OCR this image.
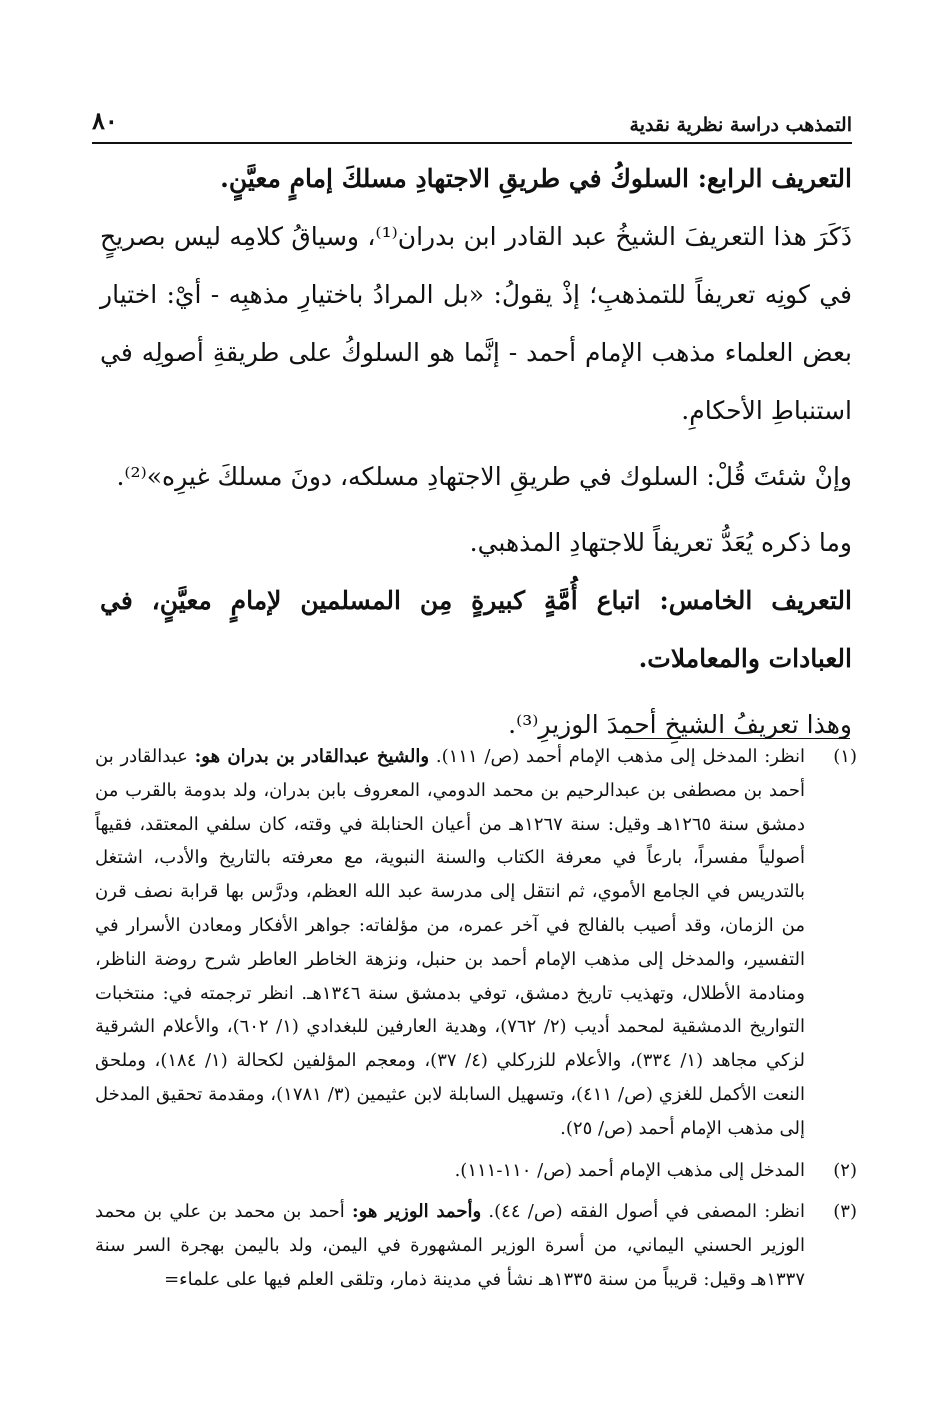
التمذهب دراسة نظرية نقدية
٨٠

التعريف الرابع: السلوكُ في طريقِ الاجتهادِ مسلكَ إمامٍ معيَّنٍ.

ذَكَرَ هذا التعريفَ الشيخُ عبد القادر ابن بدران⁽¹⁾، وسياقُ كلامِه ليس بصريحٍ في كونِه تعريفاً للتمذهبِ؛ إذْ يقولُ: «بل المرادُ باختيارِ مذهبِه - أيْ: اختيار بعض العلماء مذهب الإمام أحمد - إنَّما هو السلوكُ على طريقةِ أصولِه في استنباطِ الأحكامِ.

وإنْ شئتَ قُلْ: السلوك في طريقِ الاجتهادِ مسلكه، دونَ مسلكَ غيرِه»⁽²⁾.

وما ذكره يُعَدُّ تعريفاً للاجتهادِ المذهبي.

التعريف الخامس: اتباع أُمَّةٍ كبيرةٍ مِن المسلمين لإمامٍ معيَّنٍ، في العبادات والمعاملات.

وهذا تعريفُ الشيخِ أحمدَ الوزيرِ⁽³⁾.

(١)
انظر: المدخل إلى مذهب الإمام أحمد (ص/ ١١١). والشيخ عبدالقادر بن بدران هو: عبدالقادر بن أحمد بن مصطفى بن عبدالرحيم بن محمد الدومي، المعروف بابن بدران، ولد بدومة بالقرب من دمشق سنة ١٢٦٥هـ وقيل: سنة ١٢٦٧هـ من أعيان الحنابلة في وقته، كان سلفي المعتقد، فقيهاً أصولياً مفسراً، بارعاً في معرفة الكتاب والسنة النبوية، مع معرفته بالتاريخ والأدب، اشتغل بالتدريس في الجامع الأموي، ثم انتقل إلى مدرسة عبد الله العظم، ودرَّس بها قرابة نصف قرن من الزمان، وقد أصيب بالفالج في آخر عمره، من مؤلفاته: جواهر الأفكار ومعادن الأسرار في التفسير، والمدخل إلى مذهب الإمام أحمد بن حنبل، ونزهة الخاطر العاطر شرح روضة الناظر، ومنادمة الأطلال، وتهذيب تاريخ دمشق، توفي بدمشق سنة ١٣٤٦هـ. انظر ترجمته في: منتخبات التواريخ الدمشقية لمحمد أديب (٢/ ٧٦٢)، وهدية العارفين للبغدادي (١/ ٦٠٢)، والأعلام الشرقية لزكي مجاهد (١/ ٣٣٤)، والأعلام للزركلي (٤/ ٣٧)، ومعجم المؤلفين لكحالة (١/ ١٨٤)، وملحق النعت الأكمل للغزي (ص/ ٤١١)، وتسهيل السابلة لابن عثيمين (٣/ ١٧٨١)، ومقدمة تحقيق المدخل إلى مذهب الإمام أحمد (ص/ ٢٥).
(٢)
المدخل إلى مذهب الإمام أحمد (ص/ ١١٠-١١١).
(٣)
انظر: المصفى في أصول الفقه (ص/ ٤٤). وأحمد الوزير هو: أحمد بن محمد بن علي بن محمد الوزير الحسني اليماني، من أسرة الوزير المشهورة في اليمن، ولد باليمن بهجرة السر سنة ١٣٣٧هـ وقيل: قريباً من سنة ١٣٣٥هـ نشأ في مدينة ذمار، وتلقى العلم فيها على علماء=
